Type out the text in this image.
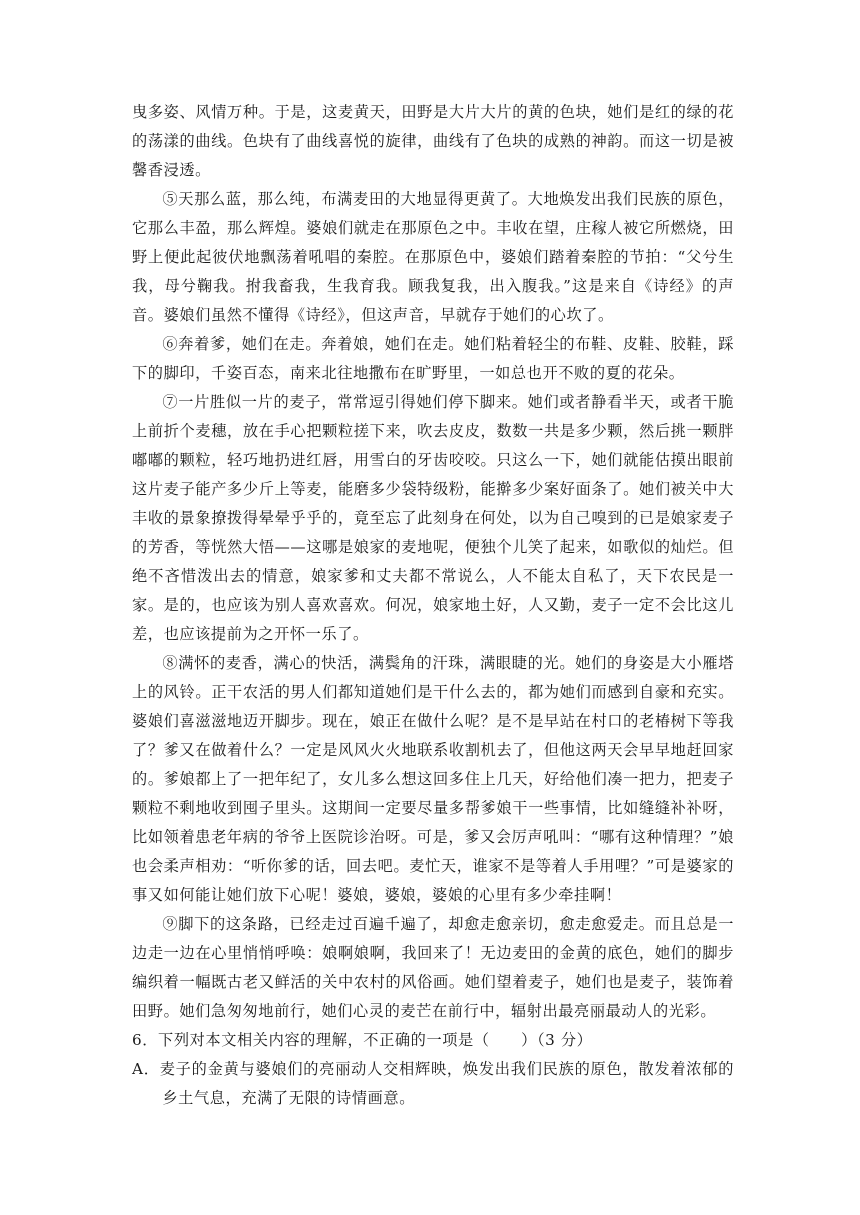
曳多姿、风情万种。于是，这麦黄天，田野是大片大片的黄的色块，她们是红的绿的花的荡漾的曲线。色块有了曲线喜悦的旋律，曲线有了色块的成熟的神韵。而这一切是被馨香浸透。

⑤天那么蓝，那么纯，布满麦田的大地显得更黄了。大地焕发出我们民族的原色，它那么丰盈，那么辉煌。婆娘们就走在那原色之中。丰收在望，庄稼人被它所燃烧，田野上便此起彼伏地飘荡着吼唱的秦腔。在那原色中，婆娘们踏着秦腔的节拍：“父兮生我，母兮鞠我。拊我畜我，生我育我。顾我复我，出入腹我。”这是来自《诗经》的声音。婆娘们虽然不懂得《诗经》，但这声音，早就存于她们的心坎了。

⑥奔着爹，她们在走。奔着娘，她们在走。她们粘着轻尘的布鞋、皮鞋、胶鞋，踩下的脚印，千姿百态，南来北往地撒布在旷野里，一如总也开不败的夏的花朵。

⑦一片胜似一片的麦子，常常逗引得她们停下脚来。她们或者静看半天，或者干脆上前折个麦穗，放在手心把颗粒搓下来，吹去皮皮，数数一共是多少颗，然后挑一颗胖嘟嘟的颗粒，轻巧地扔进红唇，用雪白的牙齿咬咬。只这么一下，她们就能估摸出眼前这片麦子能产多少斤上等麦，能磨多少袋特级粉，能擀多少案好面条了。她们被关中大丰收的景象撩拨得晕晕乎乎的，竟至忘了此刻身在何处，以为自己嗅到的已是娘家麦子的芳香，等恍然大悟——这哪是娘家的麦地呢，便独个儿笑了起来，如歌似的灿烂。但绝不吝惜泼出去的情意，娘家爹和丈夫都不常说么，人不能太自私了，天下农民是一家。是的，也应该为别人喜欢喜欢。何况，娘家地土好，人又勤，麦子一定不会比这儿差，也应该提前为之开怀一乐了。

⑧满怀的麦香，满心的快活，满鬓角的汗珠，满眼睫的光。她们的身姿是大小雁塔上的风铃。正干农活的男人们都知道她们是干什么去的，都为她们而感到自豪和充实。婆娘们喜滋滋地迈开脚步。现在，娘正在做什么呢？是不是早站在村口的老椿树下等我了？爹又在做着什么？一定是风风火火地联系收割机去了，但他这两天会早早地赶回家的。爹娘都上了一把年纪了，女儿多么想这回多住上几天，好给他们凑一把力，把麦子颗粒不剩地收到囤子里头。这期间一定要尽量多帮爹娘干一些事情，比如缝缝补补呀，比如领着患老年病的爷爷上医院诊治呀。可是，爹又会厉声吼叫：“哪有这种情理？”娘也会柔声相劝：“听你爹的话，回去吧。麦忙天，谁家不是等着人手用哩？”可是婆家的事又如何能让她们放下心呢！婆娘，婆娘，婆娘的心里有多少牵挂啊！

⑨脚下的这条路，已经走过百遍千遍了，却愈走愈亲切，愈走愈爱走。而且总是一边走一边在心里悄悄呼唤：娘啊娘啊，我回来了！无边麦田的金黄的底色，她们的脚步编织着一幅既古老又鲜活的关中农村的风俗画。她们望着麦子，她们也是麦子，装饰着田野。她们急匆匆地前行，她们心灵的麦芒在前行中，辐射出最亮丽最动人的光彩。

6．下列对本文相关内容的理解，不正确的一项是（　　）（3 分）

A．麦子的金黄与婆娘们的亮丽动人交相辉映，焕发出我们民族的原色，散发着浓郁的乡土气息，充满了无限的诗情画意。
